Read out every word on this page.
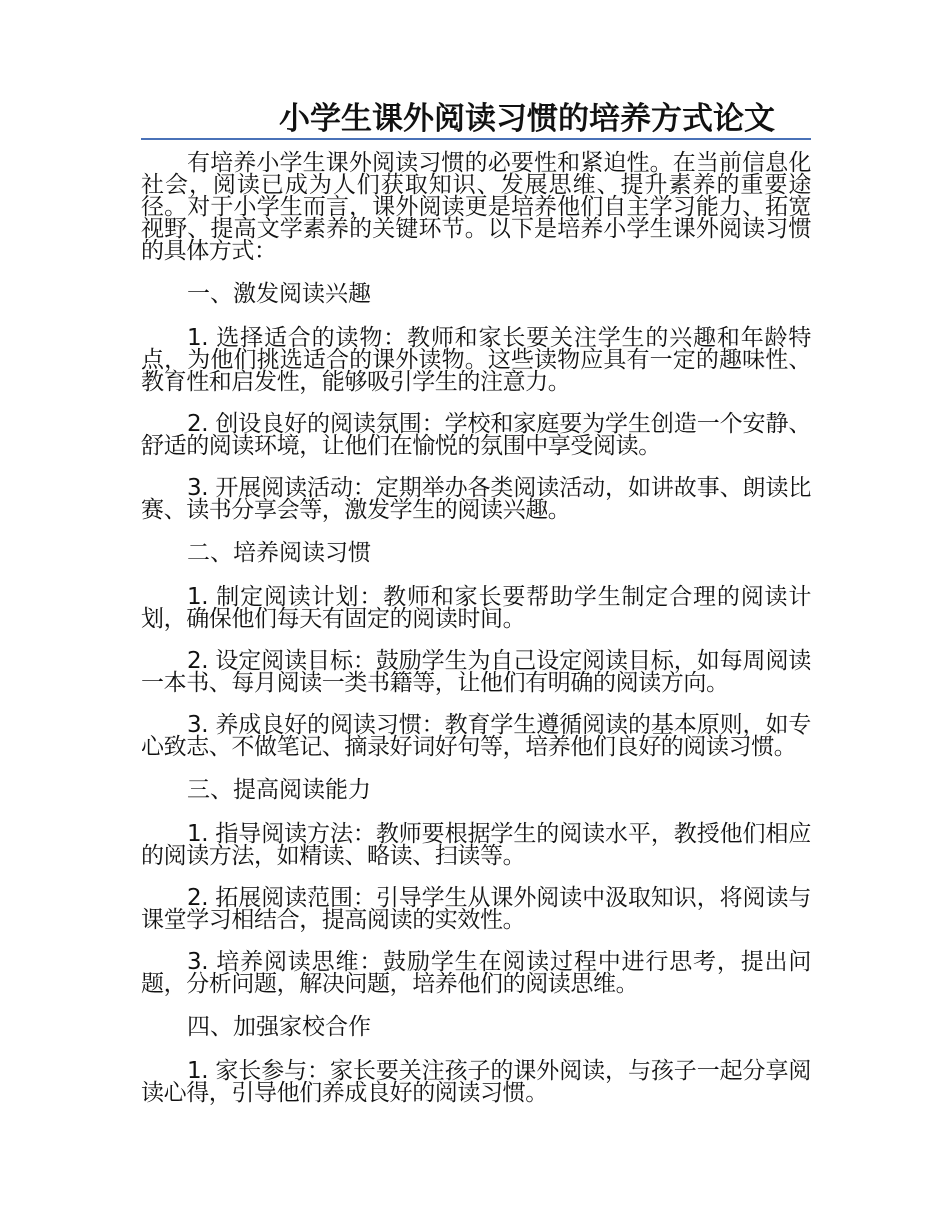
小学生课外阅读习惯的培养方式论文

有培养小学生课外阅读习惯的必要性和紧迫性。在当前信息化社会，阅读已成为人们获取知识、发展思维、提升素养的重要途径。对于小学生而言，课外阅读更是培养他们自主学习能力、拓宽视野、提高文学素养的关键环节。以下是培养小学生课外阅读习惯的具体方式：

一、激发阅读兴趣

1. 选择适合的读物：教师和家长要关注学生的兴趣和年龄特点，为他们挑选适合的课外读物。这些读物应具有一定的趣味性、教育性和启发性，能够吸引学生的注意力。

2. 创设良好的阅读氛围：学校和家庭要为学生创造一个安静、舒适的阅读环境，让他们在愉悦的氛围中享受阅读。

3. 开展阅读活动：定期举办各类阅读活动，如讲故事、朗读比赛、读书分享会等，激发学生的阅读兴趣。

二、培养阅读习惯

1. 制定阅读计划：教师和家长要帮助学生制定合理的阅读计划，确保他们每天有固定的阅读时间。

2. 设定阅读目标：鼓励学生为自己设定阅读目标，如每周阅读一本书、每月阅读一类书籍等，让他们有明确的阅读方向。

3. 养成良好的阅读习惯：教育学生遵循阅读的基本原则，如专心致志、不做笔记、摘录好词好句等，培养他们良好的阅读习惯。

三、提高阅读能力

1. 指导阅读方法：教师要根据学生的阅读水平，教授他们相应的阅读方法，如精读、略读、扫读等。

2. 拓展阅读范围：引导学生从课外阅读中汲取知识，将阅读与课堂学习相结合，提高阅读的实效性。

3. 培养阅读思维：鼓励学生在阅读过程中进行思考，提出问题，分析问题，解决问题，培养他们的阅读思维。

四、加强家校合作

1. 家长参与：家长要关注孩子的课外阅读，与孩子一起分享阅读心得，引导他们养成良好的阅读习惯。
